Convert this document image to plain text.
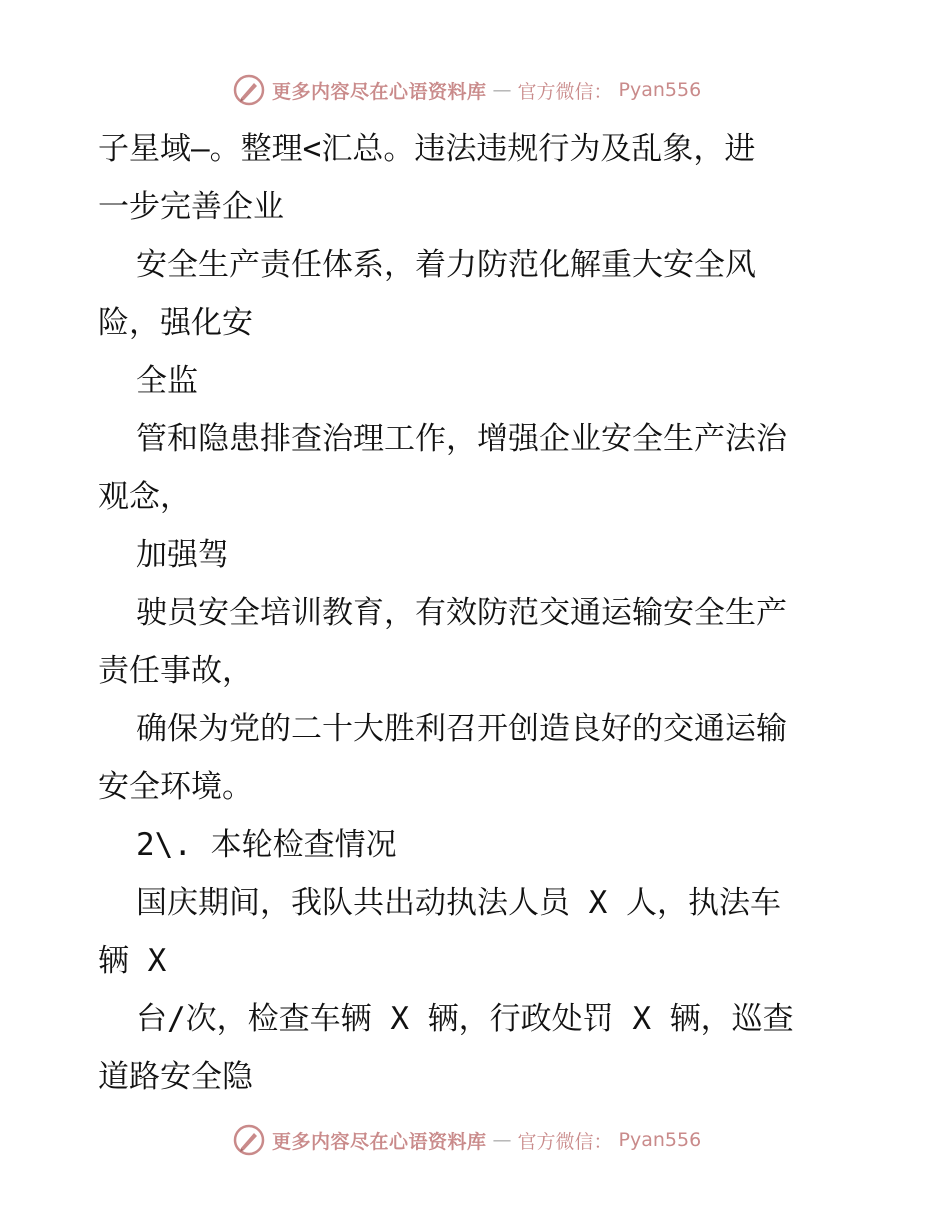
更多内容尽在心语资料库 — 官方微信： Pyan556
子星域—。整理<汇总。违法违规行为及乱象，进
一步完善企业
安全生产责任体系，着力防范化解重大安全风
险，强化安
全监
管和隐患排查治理工作，增强企业安全生产法治
观念，
加强驾
驶员安全培训教育，有效防范交通运输安全生产
责任事故，
确保为党的二十大胜利召开创造良好的交通运输
安全环境。
2\. 本轮检查情况
国庆期间，我队共出动执法人员 X 人，执法车
辆 X
台/次，检查车辆 X 辆，行政处罚 X 辆，巡查
道路安全隐
更多内容尽在心语资料库 — 官方微信： Pyan556
